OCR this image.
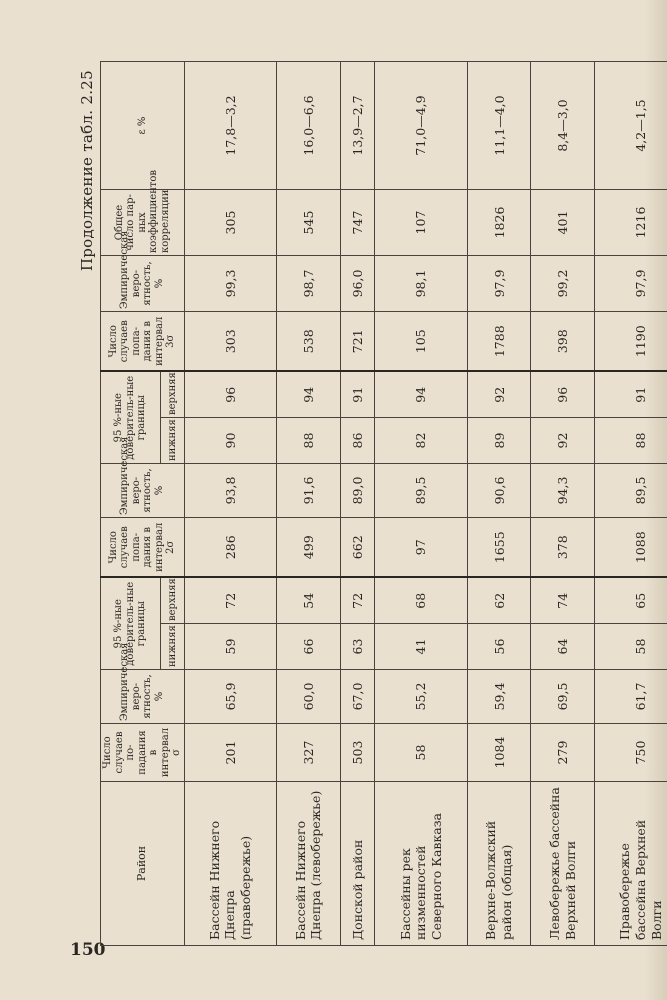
150
Продолжение табл. 2.25
Район	Число случаев по-падания в интервал σ	Эмпирическая веро-ятность, %	95 %-ные доверитель-ные границы		Число случаев попа-дания в интервал 2σ	Эмпирическая веро-ятность, %	95 %-ные доверитель-ные границы		Число случаев попа-дания в интервал 3σ	Эмпирическая веро-ятность, %	Общее число пар-ных коэффициентов корреляции	ε %
			нижняя	верхняя			нижняя	верхняя				
Бассейн Нижнего Днепра (правобережье)	201	65,9	59	72	286	93,8	90	96	303	99,3	305	17,8—3,2
Бассейн Нижнего Днепра (левобережье)	327	60,0	66	54	499	91,6	88	94	538	98,7	545	16,0—6,6
Донской район	503	67,0	63	72	662	89,0	86	91	721	96,0	747	13,9—2,7
Бассейны рек низменностей Северного Кавказа	58	55,2	41	68	97	89,5	82	94	105	98,1	107	71,0—4,9
Верхне-Волжский район (общая)	1084	59,4	56	62	1655	90,6	89	92	1788	97,9	1826	11,1—4,0
Левобережье бассейна Верхней Волги	279	69,5	64	74	378	94,3	92	96	398	99,2	401	8,4—3,0
Правобережье бассейна Верхней Волги	750	61,7	58	65	1088	89,5	88	91	1190	97,9	1216	4,2—1,5
